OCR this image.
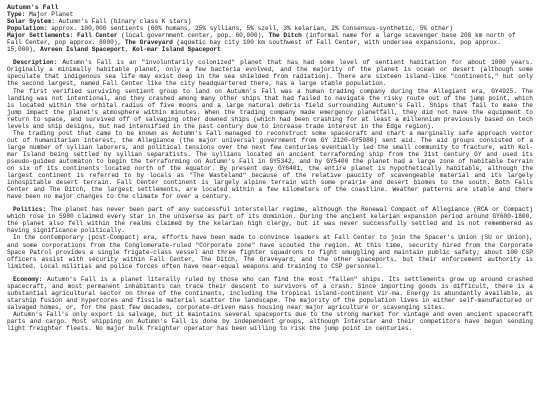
Autumn's Fall
Type: Major Planet
Solar System: Autumn's Fall (binary class K stars)
Population: approx. 100,000 sentients (60% humans, 25% syllians, 5% szell, 3% kelarian, 2% Consensus-synthetic, 5% other)
Major Settlements: Fall Center (local government center, pop. 60,000), The Ditch (informal name for a large scavenger base 200 km north of Fall Center, pop approx. 8000), The Graveyard (aquatic bay city 100 km southwest of Fall Center, with undersea expansions, pop approx. 15,000), Avreen Island Spaceport, Kol-mar Island Spaceport

Description: Autumn's Fall is an "involuntarily colonized" planet that has had some level of sentient habitation for about 1000 years. Originally a minimally habitable planet, only a few bacteria evolved, and the majority of the planet is ocean or desert (although some speculate that indigenous sea life may exist deep in the sea shielded from radiation). There are sixteen island-like "continents," but only the second largest, named Fall Center like the city headquartered there, has a large stable population.

The first verified surviving sentient group to land on Autumn's Fall was a human trading company during the Allegiant era, GY4925. The landing was not intentional, and they crashed among many other ships that had failed to navigate the risky route out of the jump point, which is located within the orbital radius of five moons and a large natural debris field surrounding Autumn's Fall. Ships that fail to make the jump impact the planet's atmosphere within minutes. When the trading company made emergency planetfall, they did not have the equipment to return to space, and survived off of salvaging other downed ships (which had been crashing for at least a millennium previously based on tech levels and ship designs, but had intensified in the past century due to increase trade interest in the Edge region).

The trading post that came to be known as Autumn's Fall managed to reconstruct some spacecraft and chart a marginally safe approach vector out of humanitarian interest, the Allegiance (the major universal government from GY 2120-GY5980) sent aid. The aid groups consisted of a large number of syllian laborers, and political tensions over the next few centuries eventually led the small community to fracture, with Kol-mar Island being settled by syllian separatists. The syllians located an ancient terraforming ship from the 31st century GY and used its pseudo-guided automaton to begin the terraforming on Autumn's Fall in GY5342, and by GY5400 the planet had a large zone of habitable terrain on six of its continents located north of the equator. By present day GY6401, the entire planet is hypothetically habitable, although the largest continent is referred to by locals as "The Wasteland" because of the relative paucity of scavengeable material and its largely inhospitable desert terrain. Fall Center continent is largely alpine terrain with some prairie and desert biomes to the south. Both Falls Center and The Ditch, the largest settlements, are located within a few kilometers of the coastline. Weather patterns are stable and there have been no major changes to the climate for over a century.

Politics: The planet has never been part of any successful interstellar regime, although the Renewal Compact of Allegiance (RCA or Compact) which rose in 5980 claimed every star in the universe as part of its dominion. During the ancient kelarian expansion period around GY600-1800, the planet also fell within the realms claimed by the kelarian high clergy, but it was never successfully settled and is not remembered as having significance politically.

In the contemporary (post-Compact) era, efforts have been made to convince leaders at Fall Center to join the Spacer's Union (SU or Union), and some corporations from the Conglomerate-ruled "Corporate zone" have scouted the region. At this time, security hired from the Corporate Space Patrol provides a single frigate-class vessel and three fighter squadrons to fight smuggling and maintain public safety; about 100 CSP officers assist with security within Fall Center, The Ditch, The Graveyard, and the other spaceports, but their enforcement authority is limited. Local militias and police forces often have near-equal weapons and training to CSP personnel.

Economy: Autumn's Fall is a planet literally ruled by those who can find the most "fallen" ships. Its settlements grow up around crashed spacecraft, and most permanent inhabitants can trace their descent to survivors of a crash. Since importing goods is difficult, there is a substantial agricultural sector on three of the continents, including the tropical island-continent Vir-ma. Energy is abundantly available, as starship fusion and hypercores and fissile material scatter the landscape. The majority of the population lives in either self-manufactured or salvaged homes, or, for the past few decades, corporate-driven mass housing near major agriculture or scavenging sites.

Autumn's Fall's only export is salvage, but it maintains several spaceports due to the strong market for vintage and even ancient spacecraft parts and cargo. Most shipping on Autumn's Fall is done by independent groups, although Interstar and their competitors have begun sending light freighter fleets. No major bulk freighter operator has been willing to risk the jump point in centuries.
